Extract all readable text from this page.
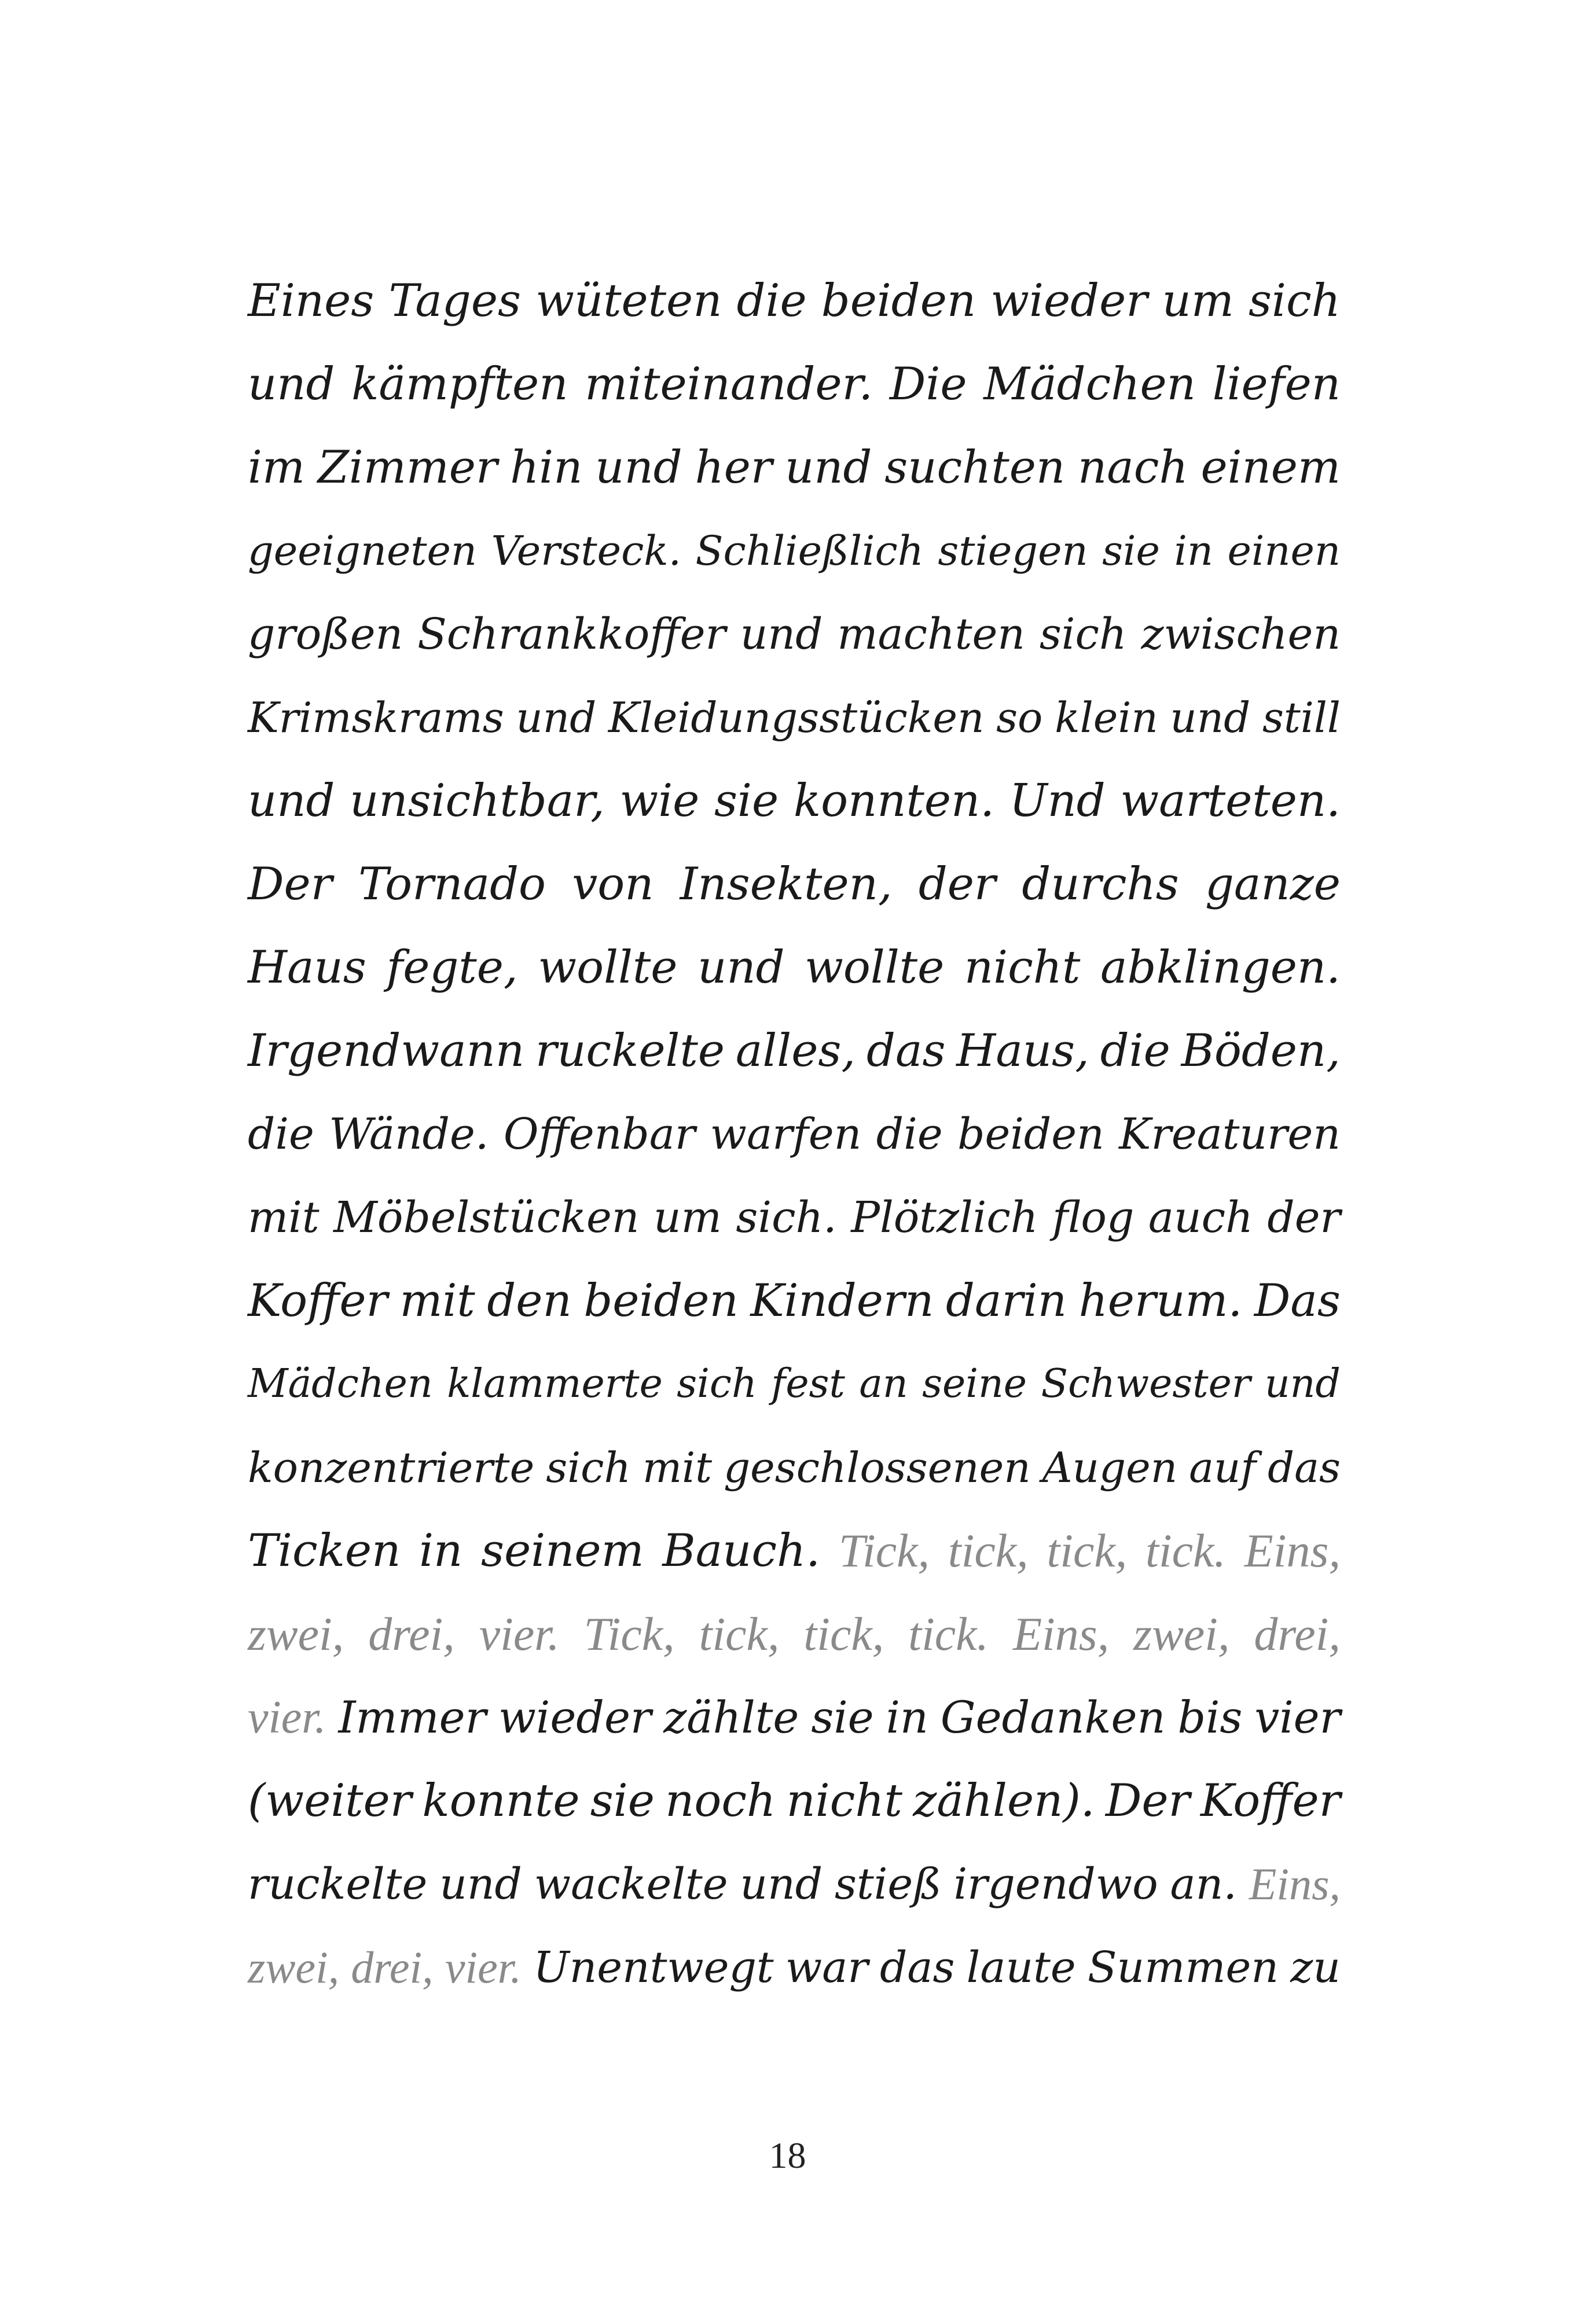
Eines Tages wüteten die beiden wieder um sich
und kämpften miteinander. Die Mädchen liefen
im Zimmer hin und her und suchten nach einem
geeigneten Versteck. Schließlich stiegen sie in einen
großen Schrankkoffer und machten sich zwischen
Krimskrams und Kleidungsstücken so klein und still
und unsichtbar, wie sie konnten. Und warteten.
Der Tornado von Insekten, der durchs ganze
Haus fegte, wollte und wollte nicht abklingen.
Irgendwann ruckelte alles, das Haus, die Böden,
die Wände. Offenbar warfen die beiden Kreaturen
mit Möbelstücken um sich. Plötzlich flog auch der
Koffer mit den beiden Kindern darin herum. Das
Mädchen klammerte sich fest an seine Schwester und
konzentrierte sich mit geschlossenen Augen auf das
Ticken in seinem Bauch. Tick, tick, tick, tick. Eins,
zwei, drei, vier. Tick, tick, tick, tick. Eins, zwei, drei,
vier. Immer wieder zählte sie in Gedanken bis vier
(weiter konnte sie noch nicht zählen). Der Koffer
ruckelte und wackelte und stieß irgendwo an. Eins,
zwei, drei, vier. Unentwegt war das laute Summen zu
18
